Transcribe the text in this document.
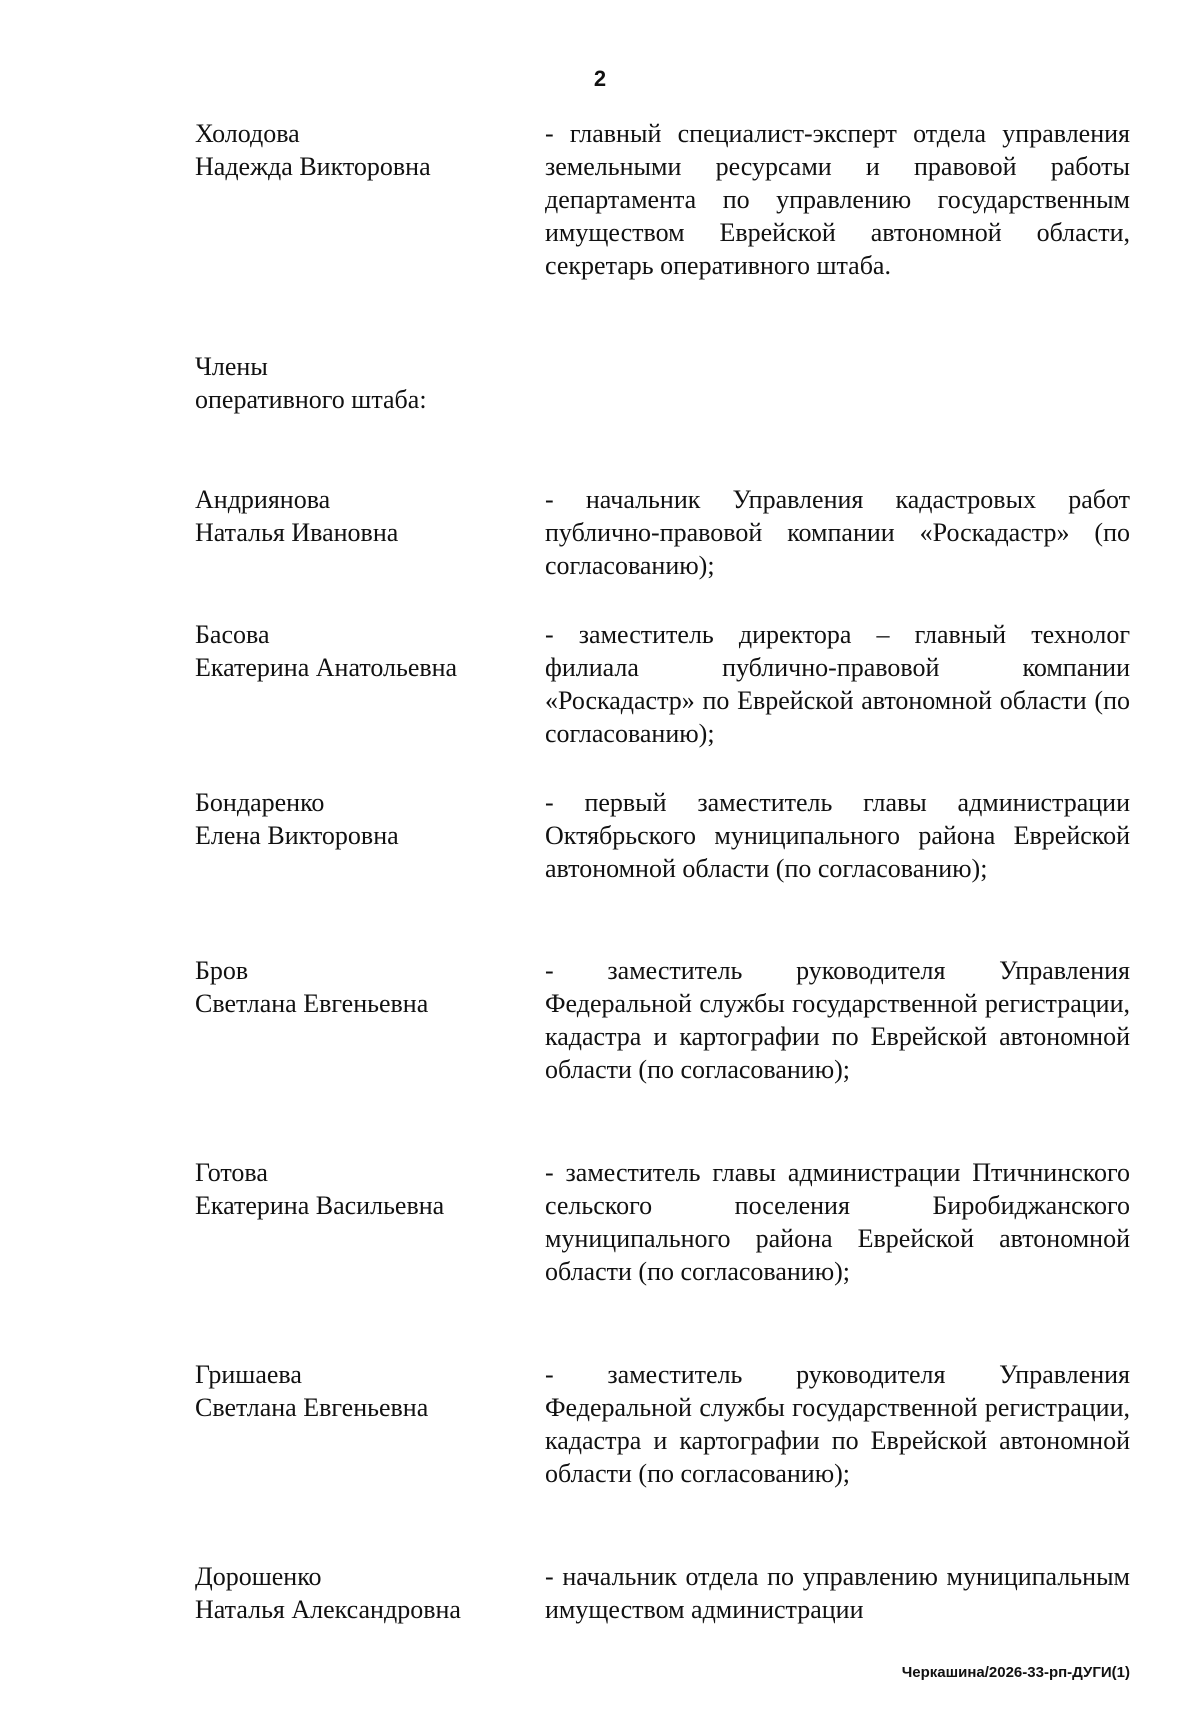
2
Холодова
Надежда Викторовна
- главный специалист-эксперт отдела управления земельными ресурсами и правовой работы департамента по управлению государственным имуществом Еврейской автономной области, секретарь оперативного штаба.
Члены
оперативного штаба:
Андриянова
Наталья Ивановна
- начальник Управления кадастровых работ публично-правовой компании «Роскадастр» (по согласованию);
Басова
Екатерина Анатольевна
- заместитель директора – главный технолог филиала публично-правовой компании «Роскадастр» по Еврейской автономной области (по согласованию);
Бондаренко
Елена Викторовна
- первый заместитель главы администрации Октябрьского муниципального района Еврейской автономной области (по согласованию);
Бров
Светлана Евгеньевна
- заместитель руководителя Управления Федеральной службы государственной регистрации, кадастра и картографии по Еврейской автономной области (по согласованию);
Готова
Екатерина Васильевна
- заместитель главы администрации Птичнинского сельского поселения Биробиджанского муниципального района Еврейской автономной области (по согласованию);
Гришаева
Светлана Евгеньевна
- заместитель руководителя Управления Федеральной службы государственной регистрации, кадастра и картографии по Еврейской автономной области (по согласованию);
Дорошенко
Наталья Александровна
- начальник отдела по управлению муниципальным имуществом администрации
Черкашина/2026-33-рп-ДУГИ(1)
